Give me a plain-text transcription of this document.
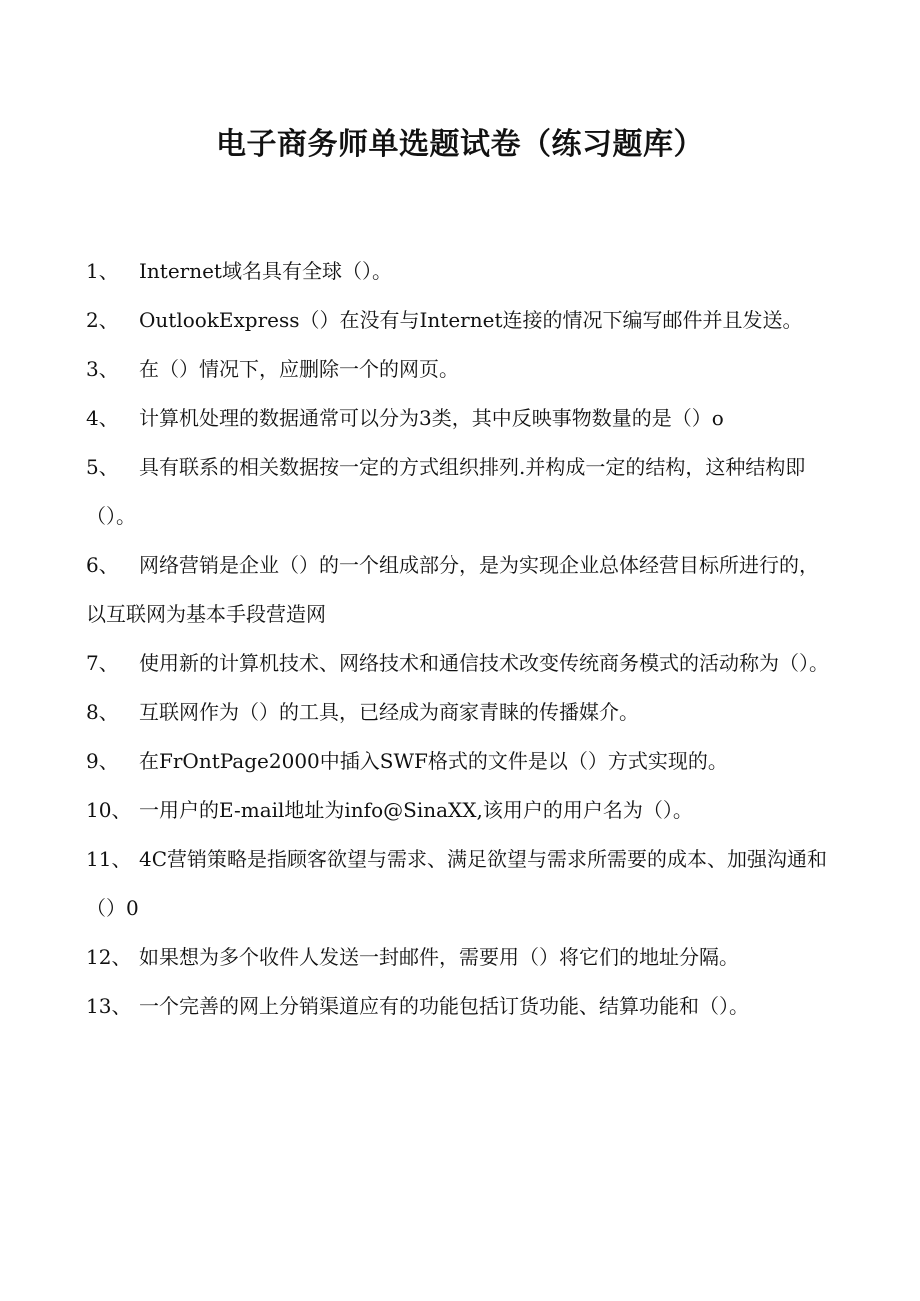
电子商务师单选题试卷（练习题库）
1、 Internet域名具有全球（）。
2、 OutlookExpress（）在没有与Internet连接的情况下编写邮件并且发送。
3、 在（）情况下，应删除一个的网页。
4、 计算机处理的数据通常可以分为3类，其中反映事物数量的是（）o
5、 具有联系的相关数据按一定的方式组织排列.并构成一定的结构，这种结构即（）。
6、 网络营销是企业（）的一个组成部分，是为实现企业总体经营目标所进行的，以互联网为基本手段营造网
7、 使用新的计算机技术、网络技术和通信技术改变传统商务模式的活动称为（）。
8、 互联网作为（）的工具，已经成为商家青睐的传播媒介。
9、 在FrOntPage2000中插入SWF格式的文件是以（）方式实现的。
10、 一用户的E-mail地址为info@SinaXX,该用户的用户名为（）。
11、 4C营销策略是指顾客欲望与需求、满足欲望与需求所需要的成本、加强沟通和（）0
12、 如果想为多个收件人发送一封邮件，需要用（）将它们的地址分隔。
13、 一个完善的网上分销渠道应有的功能包括订货功能、结算功能和（）。
